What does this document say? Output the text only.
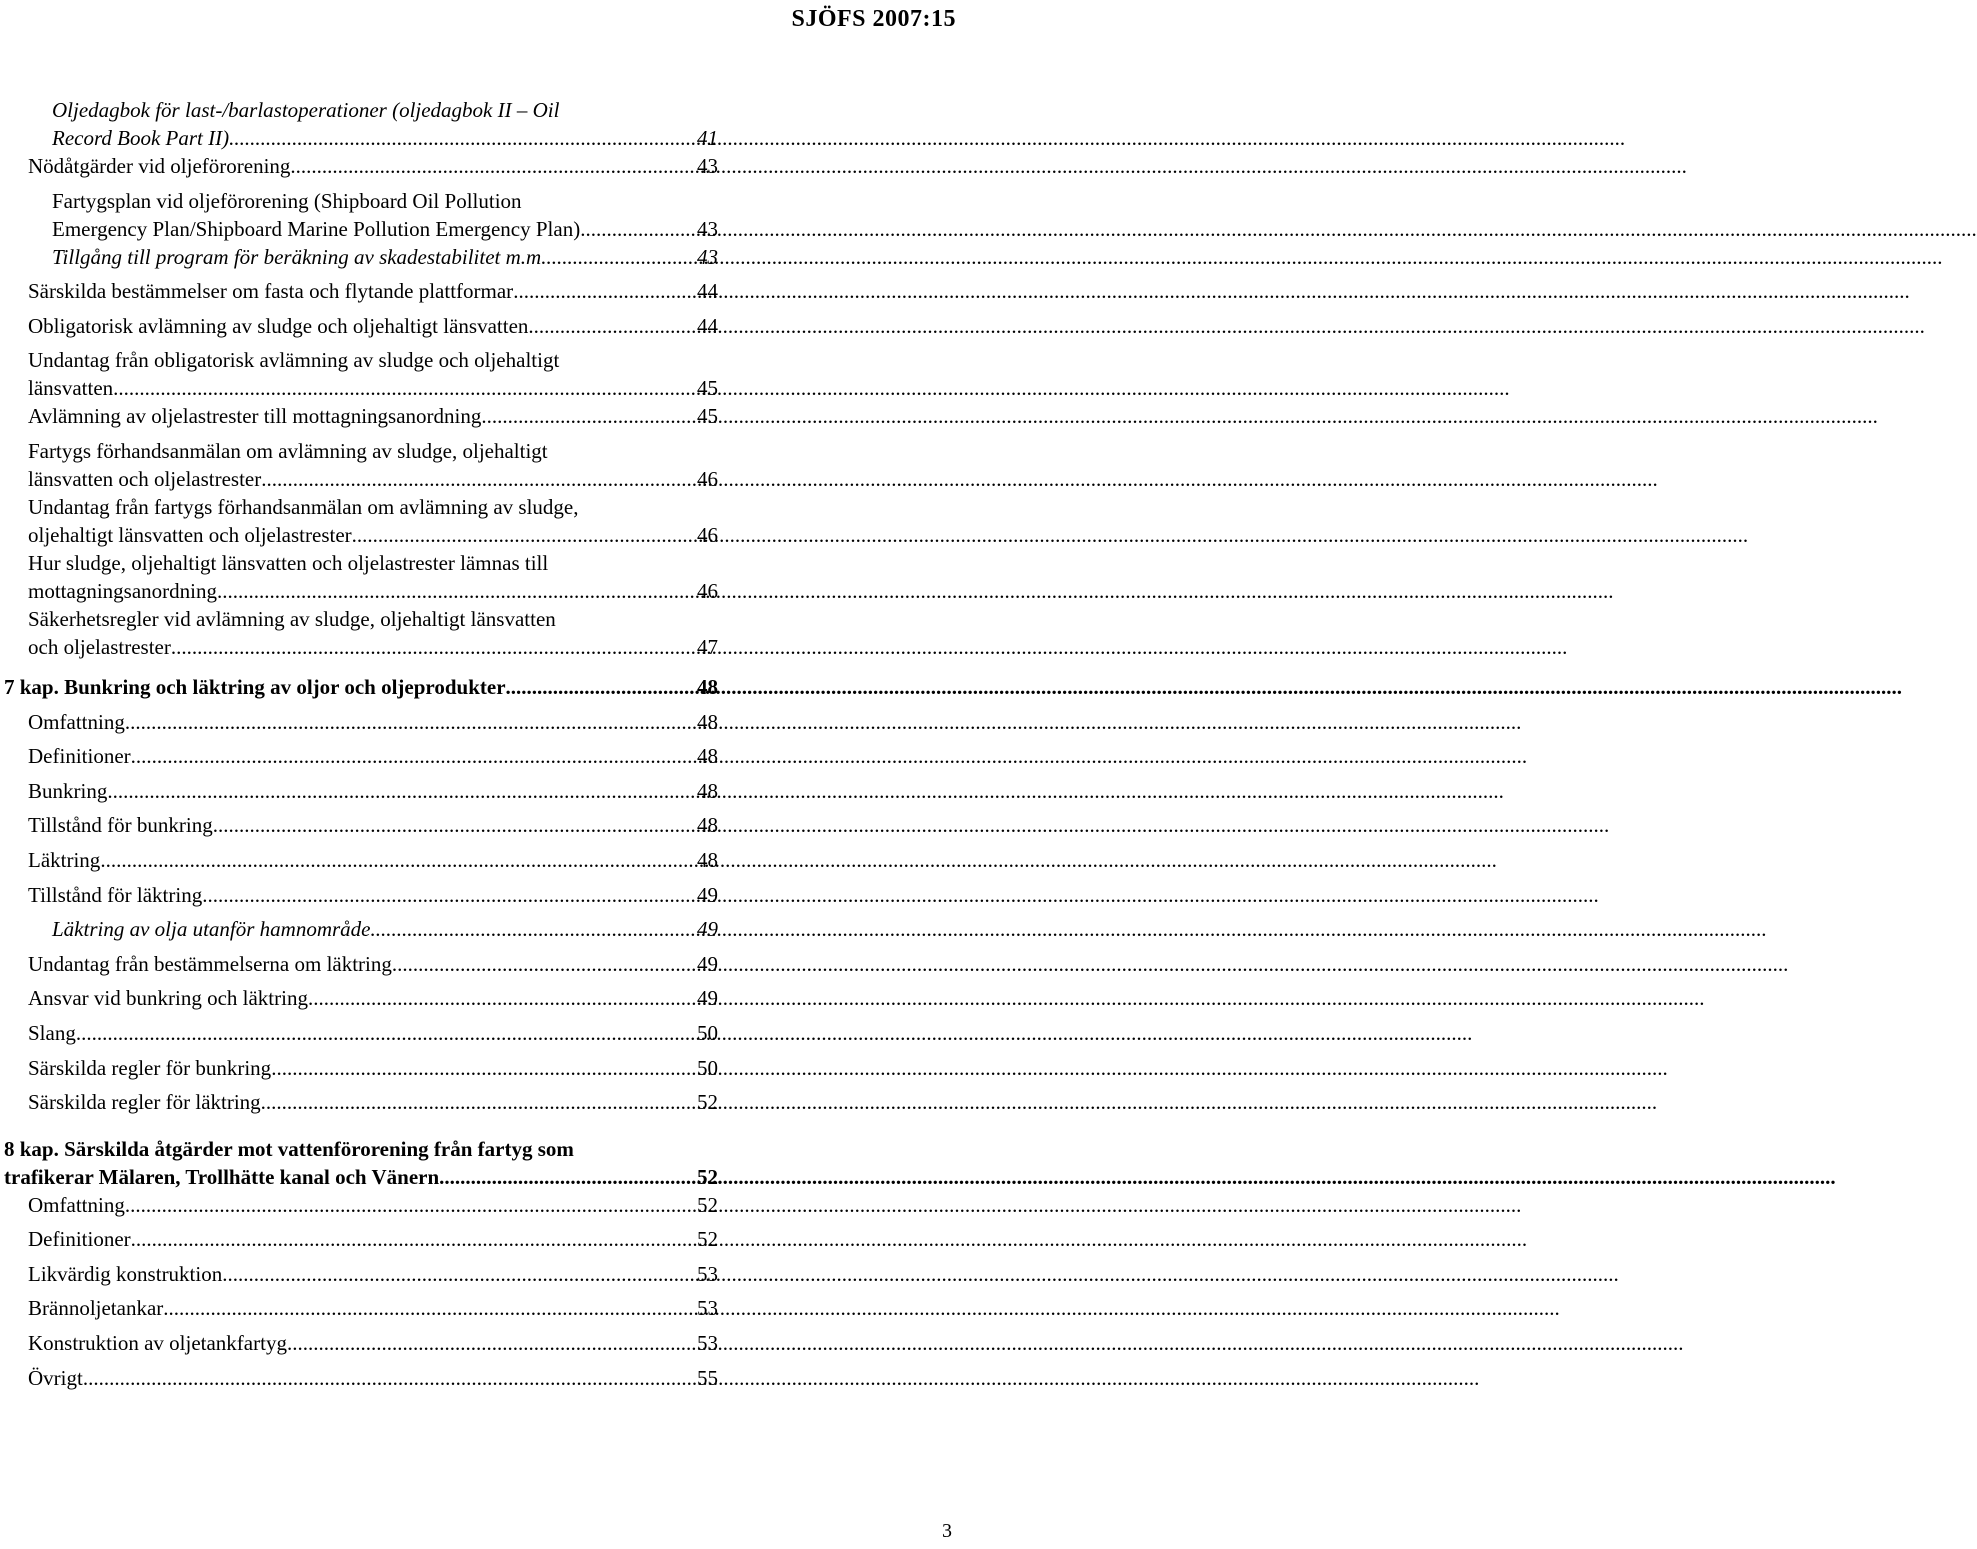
SJÖFS 2007:15
Oljedagbok för last-/barlastoperationer (oljedagbok II – Oil
Record Book Part II) .....	41
Nödåtgärder vid oljeförorening .....	43
Fartygsplan vid oljeförorening (Shipboard Oil Pollution
Emergency Plan/Shipboard Marine Pollution Emergency Plan) .....	43
Tillgång till program för beräkning av skadestabilitet m.m. .....	43
Särskilda bestämmelser om fasta och flytande plattformar .....	44
Obligatorisk avlämning av sludge och oljehaltigt länsvatten .....	44
Undantag från obligatorisk avlämning av sludge och oljehaltigt
länsvatten .....	45
Avlämning av oljelastrester till mottagningsanordning .....	45
Fartygs förhandsanmälan om avlämning av sludge, oljehaltigt
länsvatten och oljelastrester .....	46
Undantag från fartygs förhandsanmälan om avlämning av sludge,
oljehaltigt länsvatten och oljelastrester .....	46
Hur sludge, oljehaltigt länsvatten och oljelastrester lämnas till
mottagningsanordning .....	46
Säkerhetsregler vid avlämning av sludge, oljehaltigt länsvatten
och oljelastrester .....	47
7 kap. Bunkring och läktring av oljor och oljeprodukter .....	48
Omfattning .....	48
Definitioner .....	48
Bunkring .....	48
Tillstånd för bunkring .....	48
Läktring .....	48
Tillstånd för läktring .....	49
Läktring av olja utanför hamnområde .....	49
Undantag från bestämmelserna om läktring .....	49
Ansvar vid bunkring och läktring .....	49
Slang .....	50
Särskilda regler för bunkring .....	50
Särskilda regler för läktring .....	52
8 kap. Särskilda åtgärder mot vattenförorening från fartyg som
trafikerar Mälaren, Trollhätte kanal och Vänern .....	52
Omfattning .....	52
Definitioner .....	52
Likvärdig konstruktion .....	53
Brännoljetankar .....	53
Konstruktion av oljetankfartyg .....	53
Övrigt .....	55
3
